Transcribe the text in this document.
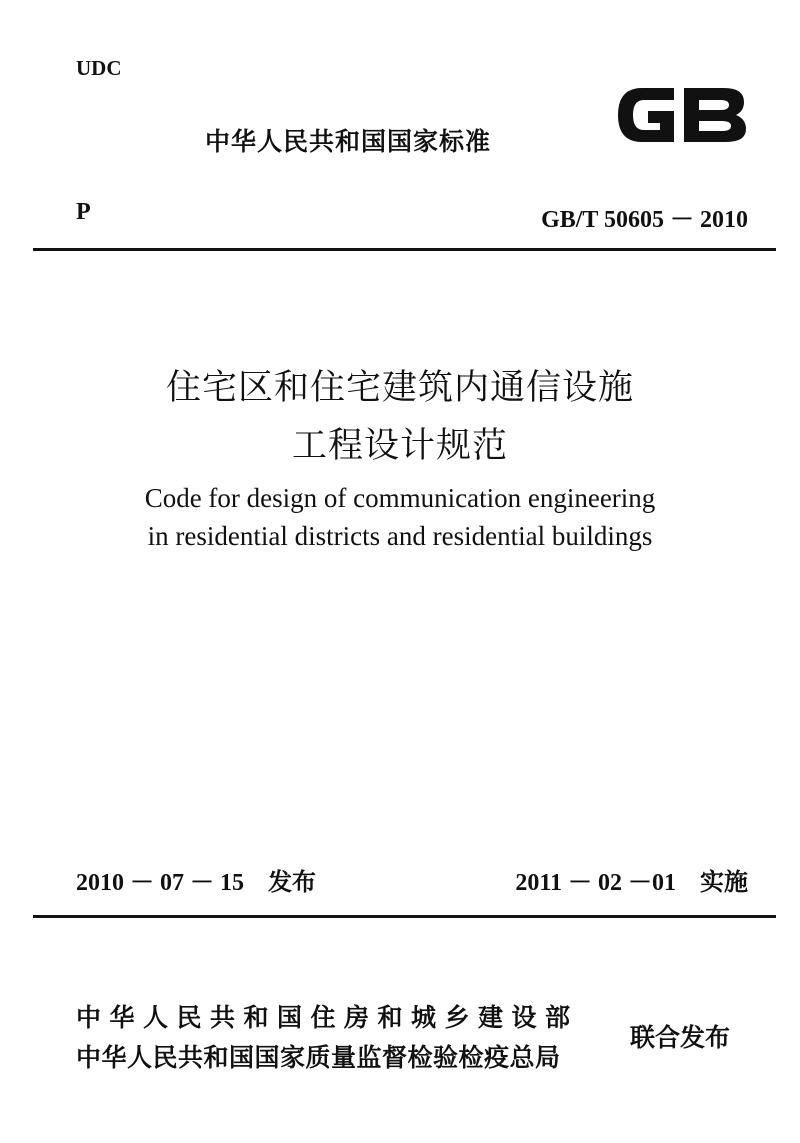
UDC
中华人民共和国国家标准
P	GB/T 50605 － 2010
住宅区和住宅建筑内通信设施
工程设计规范
Code for design of communication engineering
in residential districts and residential buildings
2010 － 07 － 15　发布	2011 － 02 －01　实施
中华人民共和国住房和城乡建设部
中华人民共和国国家质量监督检验检疫总局
联合发布
